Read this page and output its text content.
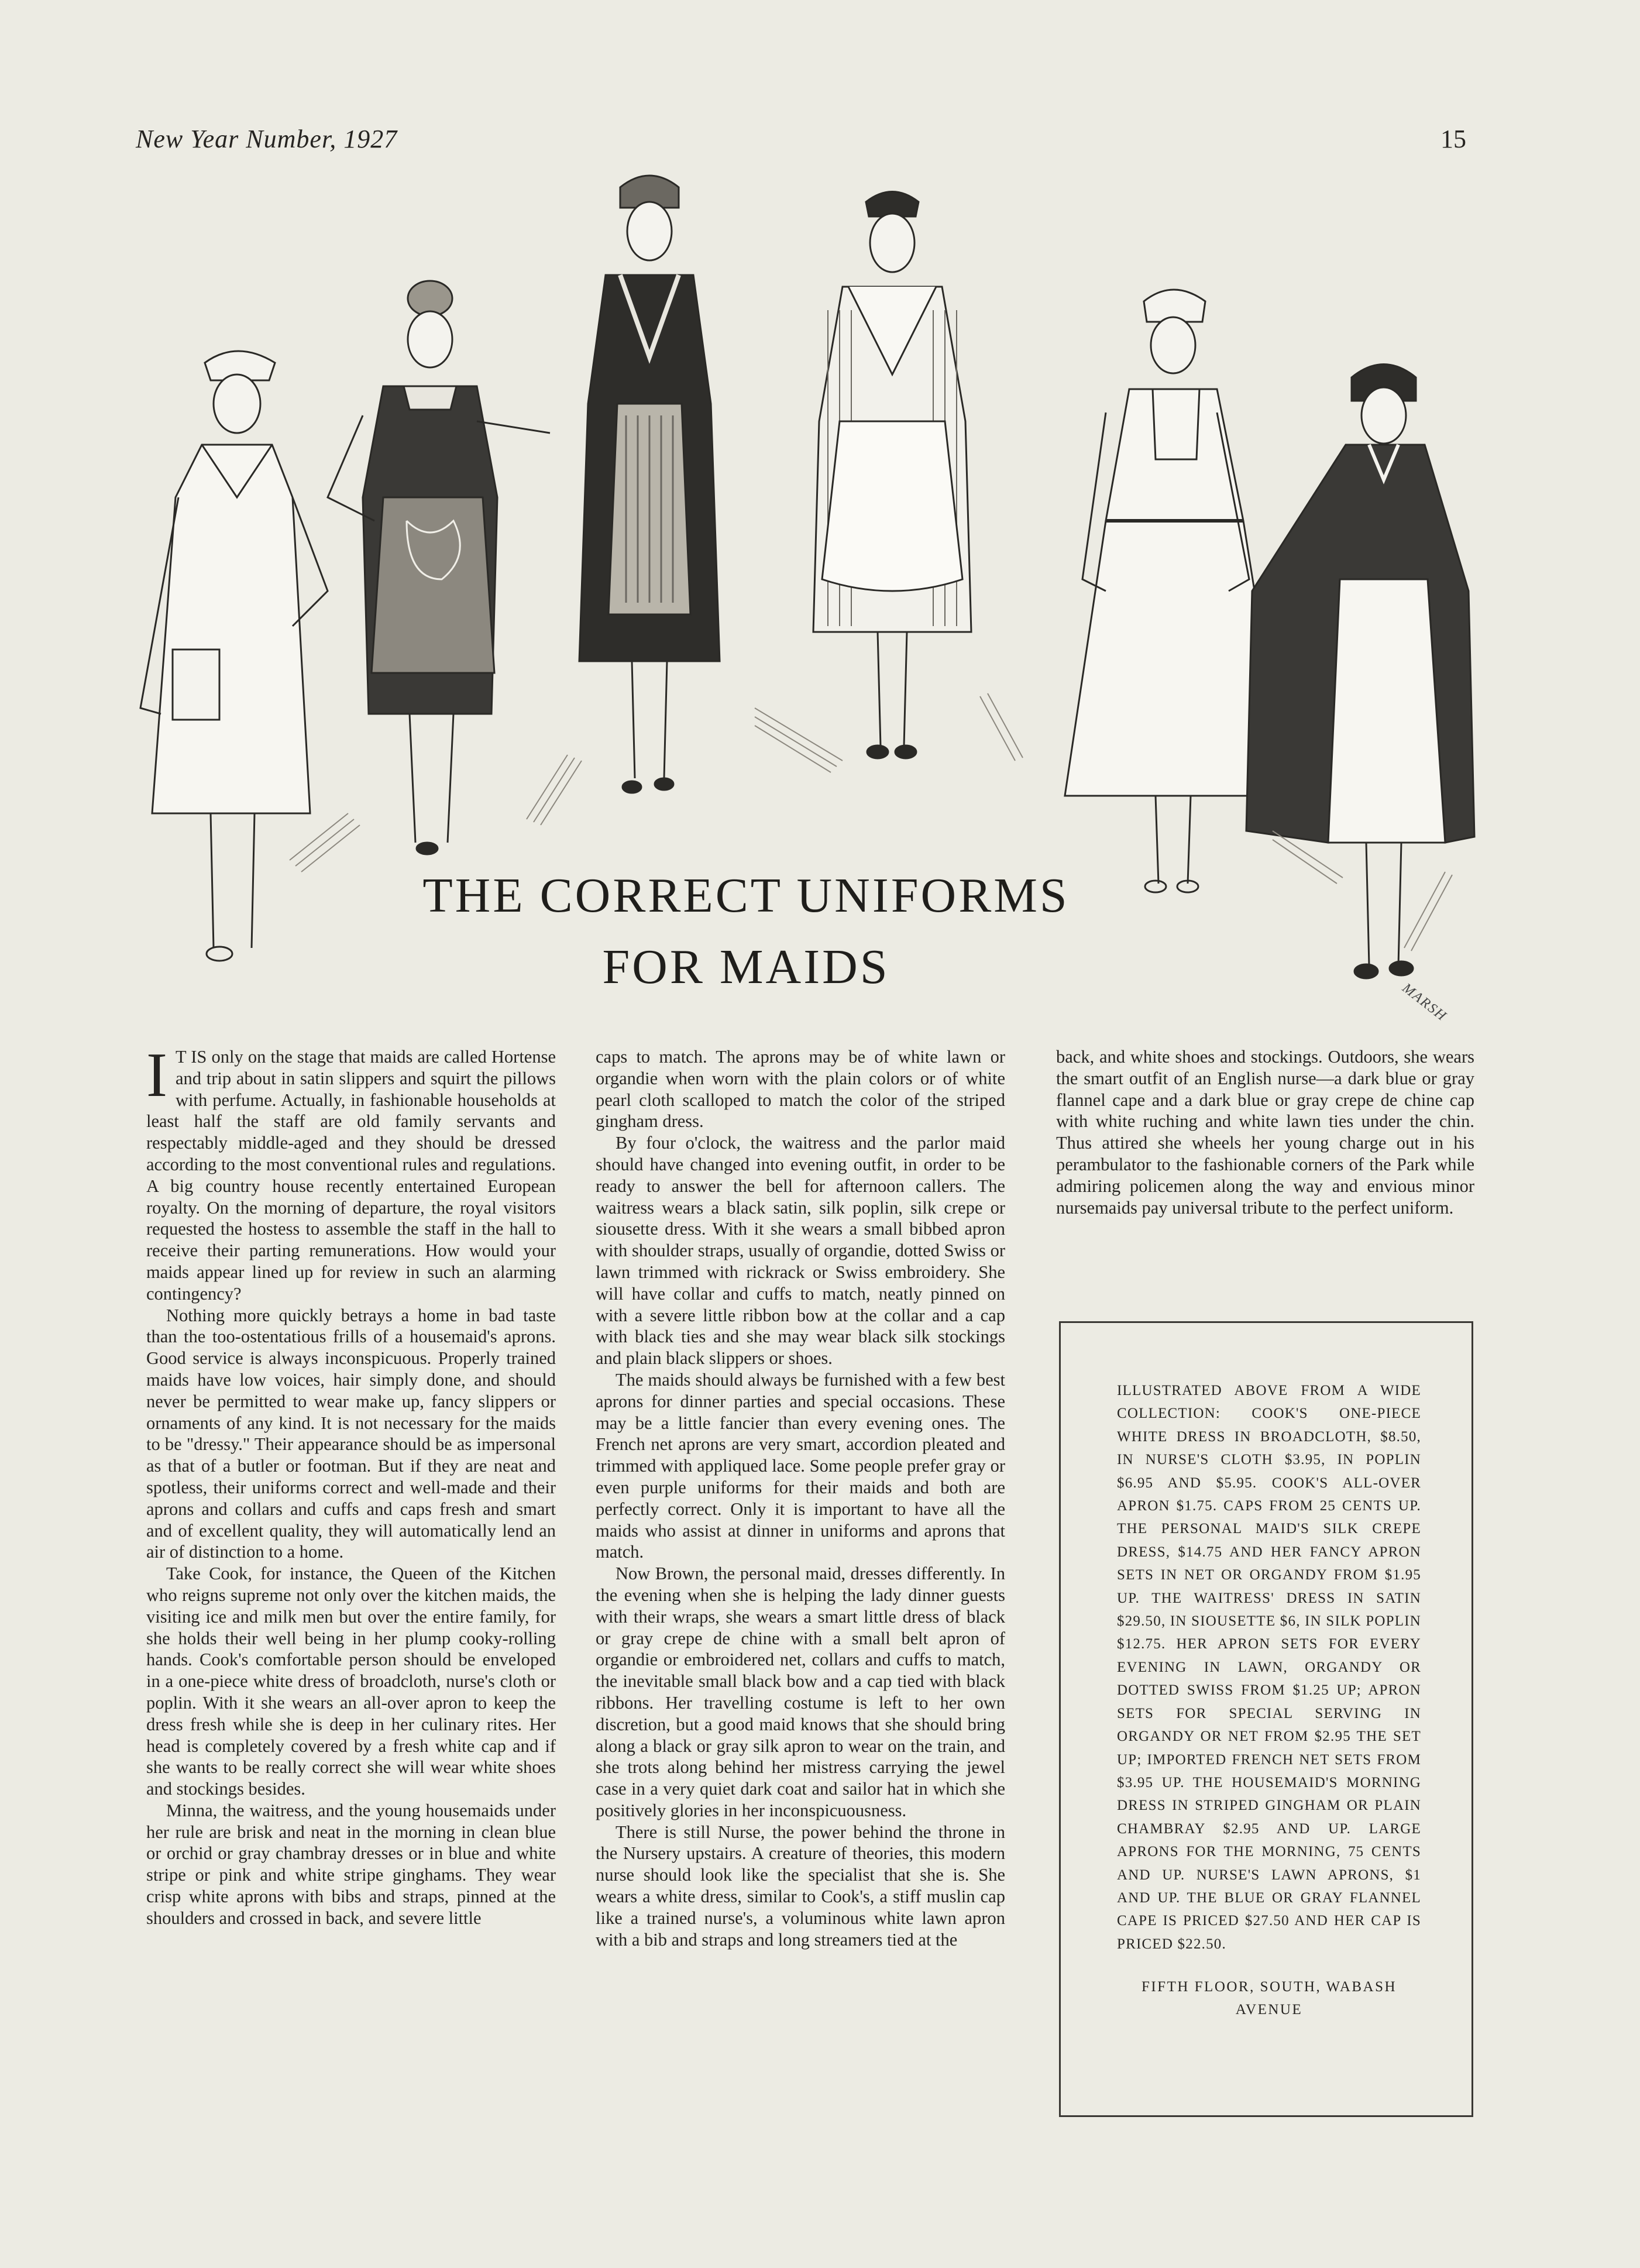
New Year Number, 1927	15
THE CORRECT UNIFORMS
FOR MAIDS
MARSH

I T IS only on the stage that maids are called Hortense and trip about in satin slippers and squirt the pillows with perfume. Actually, in fashionable households at least half the staff are old family servants and respectably middle-aged and they should be dressed according to the most conventional rules and regulations. A big country house recently entertained European royalty. On the morning of departure, the royal visitors requested the hostess to assemble the staff in the hall to receive their parting remunerations. How would your maids appear lined up for review in such an alarming contingency?

Nothing more quickly betrays a home in bad taste than the too-ostentatious frills of a housemaid's aprons. Good service is always inconspicuous. Properly trained maids have low voices, hair simply done, and should never be permitted to wear make up, fancy slippers or ornaments of any kind. It is not necessary for the maids to be "dressy." Their appearance should be as impersonal as that of a butler or footman. But if they are neat and spotless, their uniforms correct and well-made and their aprons and collars and cuffs and caps fresh and smart and of excellent quality, they will automatically lend an air of distinction to a home.

Take Cook, for instance, the Queen of the Kitchen who reigns supreme not only over the kitchen maids, the visiting ice and milk men but over the entire family, for she holds their well being in her plump cooky-rolling hands. Cook's comfortable person should be enveloped in a one-piece white dress of broadcloth, nurse's cloth or poplin. With it she wears an all-over apron to keep the dress fresh while she is deep in her culinary rites. Her head is completely covered by a fresh white cap and if she wants to be really correct she will wear white shoes and stockings besides.

Minna, the waitress, and the young housemaids under her rule are brisk and neat in the morning in clean blue or orchid or gray chambray dresses or in blue and white stripe or pink and white stripe ginghams. They wear crisp white aprons with bibs and straps, pinned at the shoulders and crossed in back, and severe little

caps to match. The aprons may be of white lawn or organdie when worn with the plain colors or of white pearl cloth scalloped to match the color of the striped gingham dress.

By four o'clock, the waitress and the parlor maid should have changed into evening outfit, in order to be ready to answer the bell for afternoon callers. The waitress wears a black satin, silk poplin, silk crepe or siousette dress. With it she wears a small bibbed apron with shoulder straps, usually of organdie, dotted Swiss or lawn trimmed with rickrack or Swiss embroidery. She will have collar and cuffs to match, neatly pinned on with a severe little ribbon bow at the collar and a cap with black ties and she may wear black silk stockings and plain black slippers or shoes.

The maids should always be furnished with a few best aprons for dinner parties and special occasions. These may be a little fancier than every evening ones. The French net aprons are very smart, accordion pleated and trimmed with appliqued lace. Some people prefer gray or even purple uniforms for their maids and both are perfectly correct. Only it is important to have all the maids who assist at dinner in uniforms and aprons that match.

Now Brown, the personal maid, dresses differently. In the evening when she is helping the lady dinner guests with their wraps, she wears a smart little dress of black or gray crepe de chine with a small belt apron of organdie or embroidered net, collars and cuffs to match, the inevitable small black bow and a cap tied with black ribbons. Her travelling costume is left to her own discretion, but a good maid knows that she should bring along a black or gray silk apron to wear on the train, and she trots along behind her mistress carrying the jewel case in a very quiet dark coat and sailor hat in which she positively glories in her inconspicuousness.

There is still Nurse, the power behind the throne in the Nursery upstairs. A creature of theories, this modern nurse should look like the specialist that she is. She wears a white dress, similar to Cook's, a stiff muslin cap like a trained nurse's, a voluminous white lawn apron with a bib and straps and long streamers tied at the

back, and white shoes and stockings. Outdoors, she wears the smart outfit of an English nurse—a dark blue or gray flannel cape and a dark blue or gray crepe de chine cap with white ruching and white lawn ties under the chin. Thus attired she wheels her young charge out in his perambulator to the fashionable corners of the Park while admiring policemen along the way and envious minor nursemaids pay universal tribute to the perfect uniform.

ILLUSTRATED ABOVE FROM A WIDE COLLECTION: COOK'S ONE-PIECE WHITE DRESS IN BROADCLOTH, $8.50, IN NURSE'S CLOTH $3.95, IN POPLIN $6.95 AND $5.95. COOK'S ALL-OVER APRON $1.75. CAPS FROM 25 CENTS UP. THE PERSONAL MAID'S SILK CREPE DRESS, $14.75 AND HER FANCY APRON SETS IN NET OR ORGANDY FROM $1.95 UP. THE WAITRESS' DRESS IN SATIN $29.50, IN SIOUSETTE $6, IN SILK POPLIN $12.75. HER APRON SETS FOR EVERY EVENING IN LAWN, ORGANDY OR DOTTED SWISS FROM $1.25 UP; APRON SETS FOR SPECIAL SERVING IN ORGANDY OR NET FROM $2.95 THE SET UP; IMPORTED FRENCH NET SETS FROM $3.95 UP. THE HOUSEMAID'S MORNING DRESS IN STRIPED GINGHAM OR PLAIN CHAMBRAY $2.95 AND UP. LARGE APRONS FOR THE MORNING, 75 CENTS AND UP. NURSE'S LAWN APRONS, $1 AND UP. THE BLUE OR GRAY FLANNEL CAPE IS PRICED $27.50 AND HER CAP IS PRICED $22.50.

FIFTH FLOOR, SOUTH, WABASH AVENUE
